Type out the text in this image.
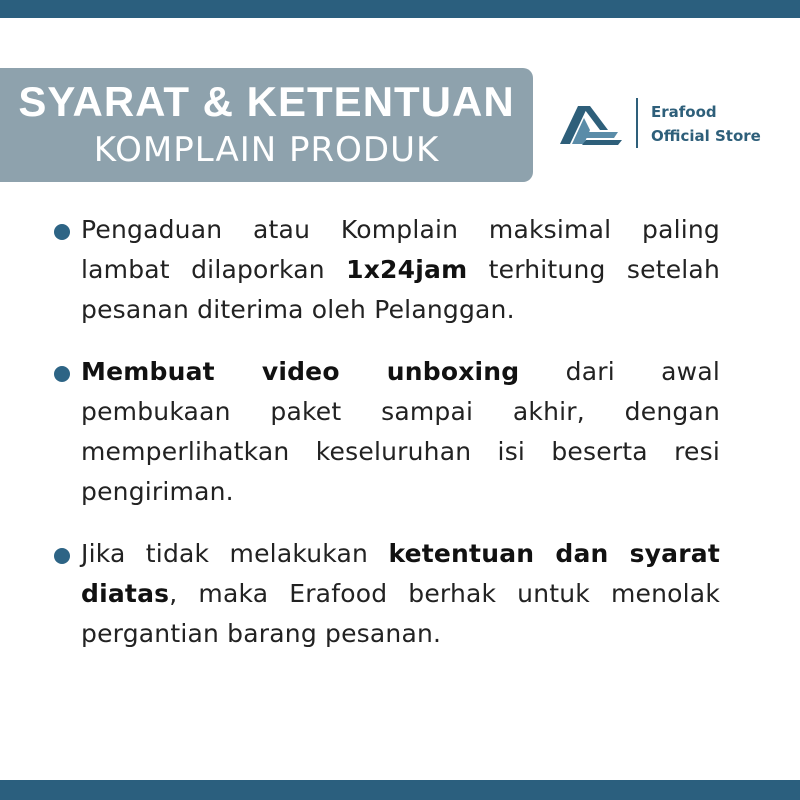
SYARAT & KETENTUAN
KOMPLAIN PRODUK
Erafood
Official Store
Pengaduan atau Komplain maksimal paling lambat dilaporkan 1x24jam terhitung setelah pesanan diterima oleh Pelanggan.
Membuat video unboxing dari awal pembukaan paket sampai akhir, dengan memperlihatkan keseluruhan isi beserta resi pengiriman.
Jika tidak melakukan ketentuan dan syarat diatas, maka Erafood berhak untuk menolak pergantian barang pesanan.
